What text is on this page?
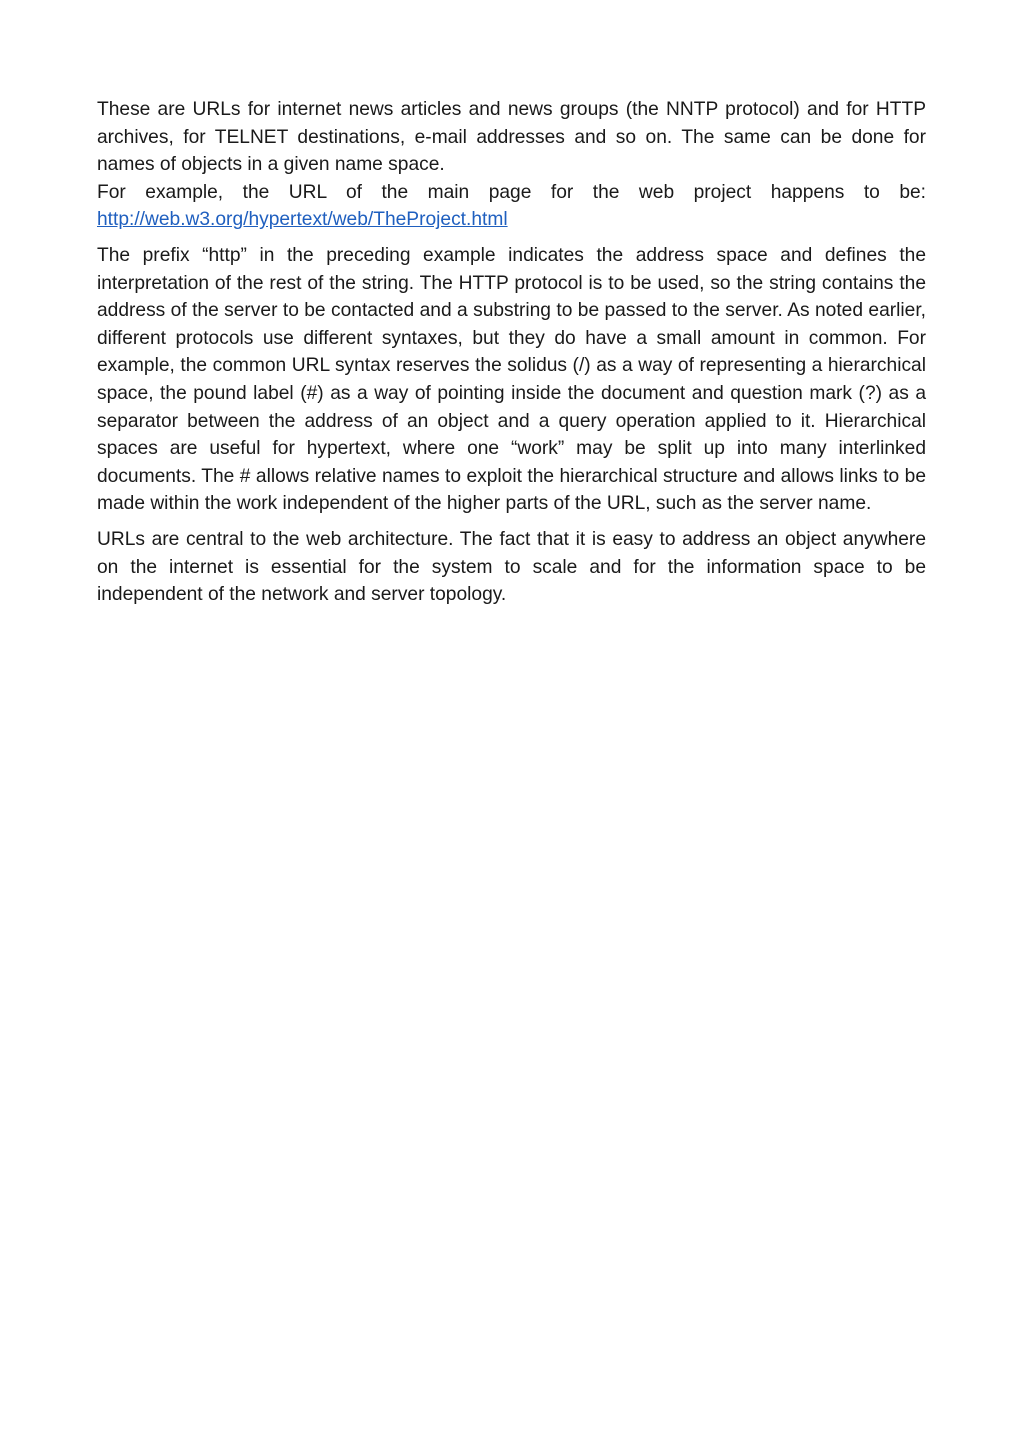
These are URLs for internet news articles and news groups (the NNTP protocol) and for HTTP archives, for TELNET destinations, e-mail addresses and so on. The same can be done for names of objects in a given name space.
For example, the URL of the main page for the web project happens to be: http://web.w3.org/hypertext/web/TheProject.html

The prefix “http” in the preceding example indicates the address space and defines the interpretation of the rest of the string. The HTTP protocol is to be used, so the string contains the address of the server to be contacted and a substring to be passed to the server. As noted earlier, different protocols use different syntaxes, but they do have a small amount in common. For example, the common URL syntax reserves the solidus (/) as a way of representing a hierarchical space, the pound label (#) as a way of pointing inside the document and question mark (?) as a separator between the address of an object and a query operation applied to it. Hierarchical spaces are useful for hypertext, where one “work” may be split up into many interlinked documents. The # allows relative names to exploit the hierarchical structure and allows links to be made within the work independent of the higher parts of the URL, such as the server name.

URLs are central to the web architecture. The fact that it is easy to address an object anywhere on the internet is essential for the system to scale and for the information space to be independent of the network and server topology.
